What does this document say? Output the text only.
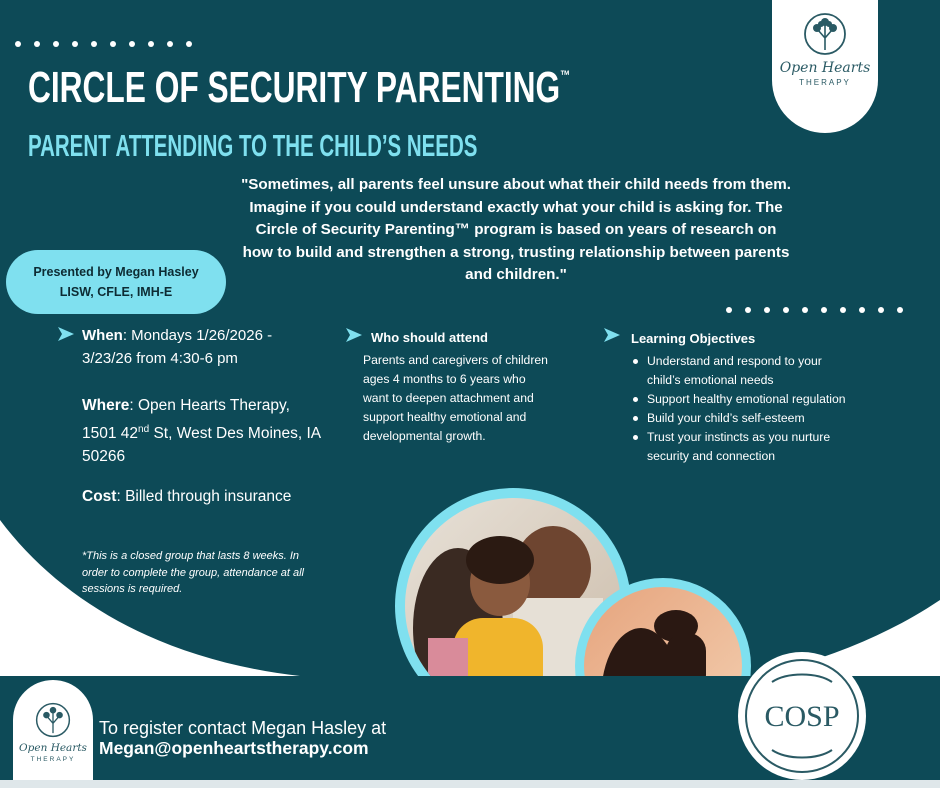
CIRCLE OF SECURITY PARENTING™
PARENT ATTENDING TO THE CHILD’S NEEDS
Open Hearts
THERAPY
"Sometimes, all parents feel unsure about what their child needs from them. Imagine if you could understand exactly what your child is asking for. The Circle of Security Parenting™ program is based on years of research on how to build and strengthen a strong, trusting relationship between parents and children."
Presented by Megan Hasley
LISW, CFLE, IMH-E
When: Mondays 1/26/2026 - 3/23/26 from 4:30-6 pm
Where: Open Hearts Therapy, 1501 42nd St, West Des Moines, IA 50266
Cost: Billed through insurance
*This is a closed group that lasts 8 weeks. In order to complete the group, attendance at all sessions is required.
Who should attend
Parents and caregivers of children ages 4 months to 6 years who want to deepen attachment and support healthy emotional and developmental growth.
Learning Objectives
Understand and respond to your child’s emotional needs
Support healthy emotional regulation
Build your child’s self-esteem
Trust your instincts as you nurture security and connection
COSP
Open Hearts
THERAPY
To register contact Megan Hasley at
Megan@openheartstherapy.com
